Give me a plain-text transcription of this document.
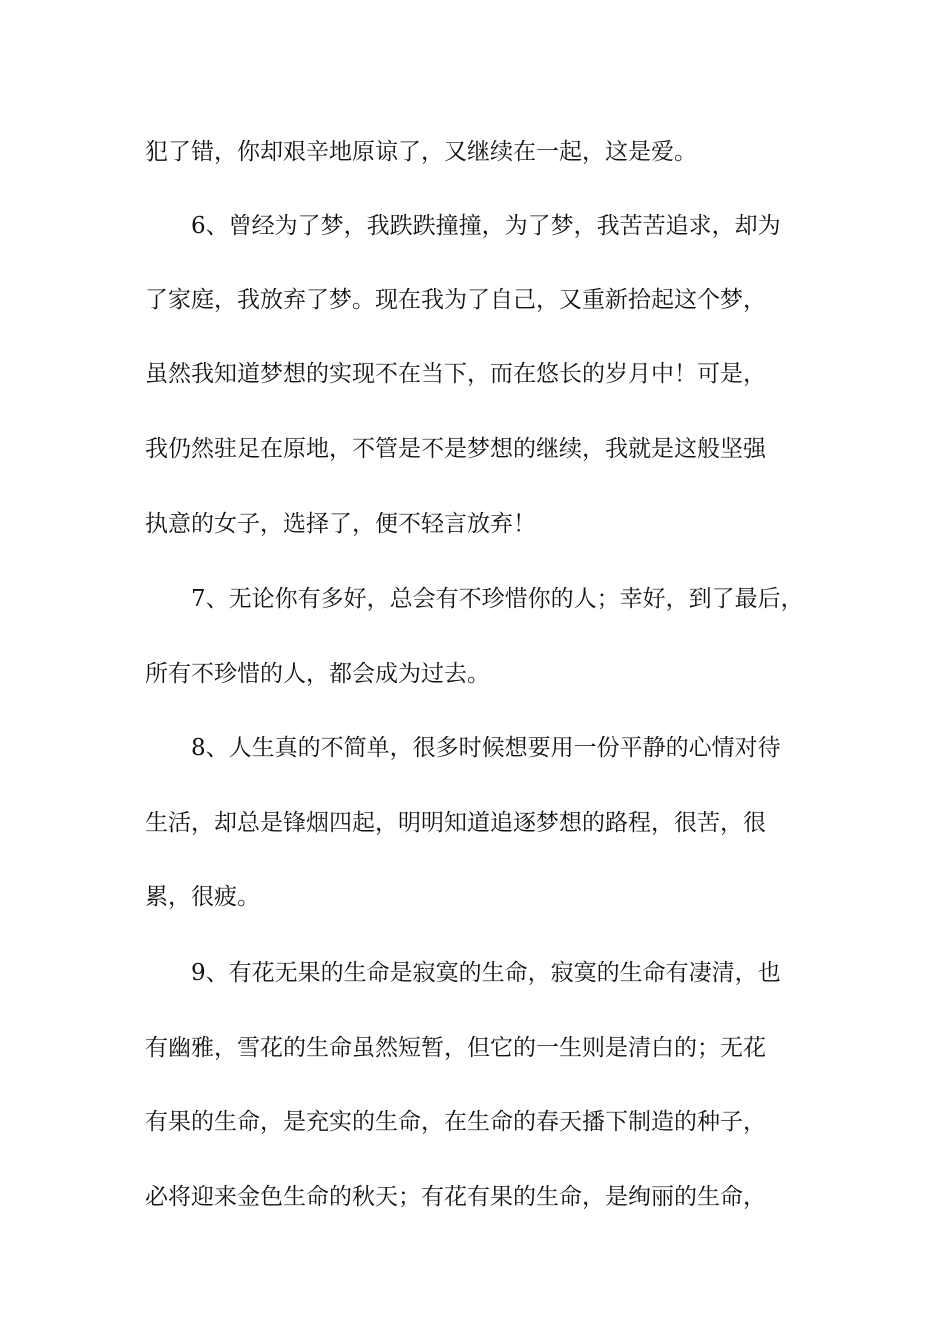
犯了错，你却艰辛地原谅了，又继续在一起，这是爱。
6、曾经为了梦，我跌跌撞撞，为了梦，我苦苦追求，却为
了家庭，我放弃了梦。现在我为了自己，又重新拾起这个梦，
虽然我知道梦想的实现不在当下，而在悠长的岁月中！可是，
我仍然驻足在原地，不管是不是梦想的继续，我就是这般坚强
执意的女子，选择了，便不轻言放弃！
7、无论你有多好，总会有不珍惜你的人；幸好，到了最后，
所有不珍惜的人，都会成为过去。
8、人生真的不简单，很多时候想要用一份平静的心情对待
生活，却总是锋烟四起，明明知道追逐梦想的路程，很苦，很
累，很疲。
9、有花无果的生命是寂寞的生命，寂寞的生命有凄清，也
有幽雅，雪花的生命虽然短暂，但它的一生则是清白的；无花
有果的生命，是充实的生命，在生命的春天播下制造的种子，
必将迎来金色生命的秋天；有花有果的生命，是绚丽的生命，
